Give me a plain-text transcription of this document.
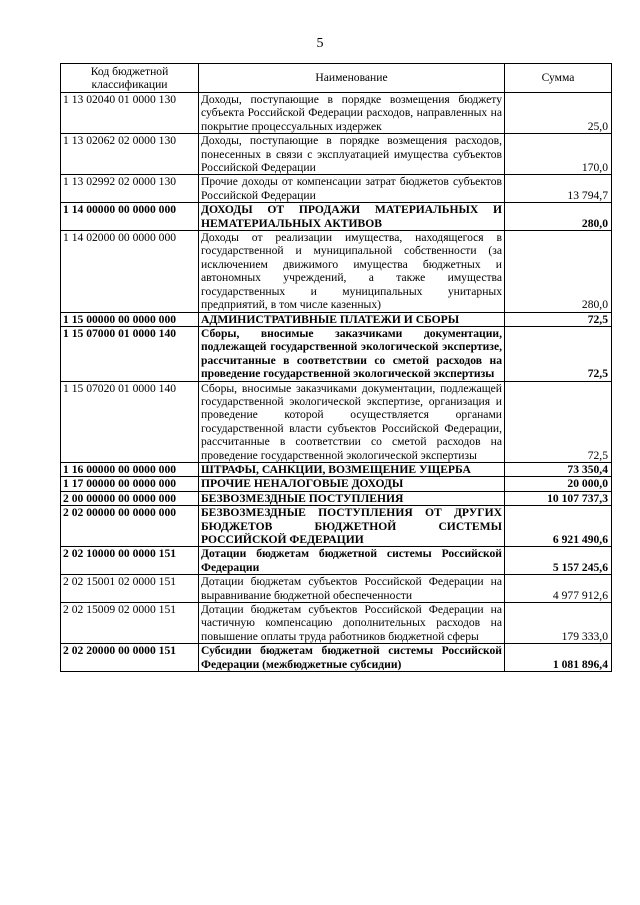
5
Код бюджетной классификации	Наименование	Сумма
1 13 02040 01 0000 130	Доходы, поступающие в порядке возмещения бюджету субъекта Российской Федерации расходов, направленных на покрытие процессуальных издержек	25,0
1 13 02062 02 0000 130	Доходы, поступающие в порядке возмещения расходов, понесенных в связи с эксплуатацией имущества субъектов Российской Федерации	170,0
1 13 02992 02 0000 130	Прочие доходы от компенсации затрат бюджетов субъектов Российской Федерации	13 794,7
1 14 00000 00 0000 000	ДОХОДЫ ОТ ПРОДАЖИ МАТЕРИАЛЬНЫХ И НЕМАТЕРИАЛЬНЫХ АКТИВОВ	280,0
1 14 02000 00 0000 000	Доходы от реализации имущества, находящегося в государственной и муниципальной собственности (за исключением движимого имущества бюджетных и автономных учреждений, а также имущества государственных и муниципальных унитарных предприятий, в том числе казенных)	280,0
1 15 00000 00 0000 000	АДМИНИСТРАТИВНЫЕ ПЛАТЕЖИ И СБОРЫ	72,5
1 15 07000 01 0000 140	Сборы, вносимые заказчиками документации, подлежащей государственной экологической экспертизе, рассчитанные в соответствии со сметой расходов на проведение государственной экологической экспертизы	72,5
1 15 07020 01 0000 140	Сборы, вносимые заказчиками документации, подлежащей государственной экологической экспертизе, организация и проведение которой осуществляется органами государственной власти субъектов Российской Федерации, рассчитанные в соответствии со сметой расходов на проведение государственной экологической экспертизы	72,5
1 16 00000 00 0000 000	ШТРАФЫ, САНКЦИИ, ВОЗМЕЩЕНИЕ УЩЕРБА	73 350,4
1 17 00000 00 0000 000	ПРОЧИЕ НЕНАЛОГОВЫЕ ДОХОДЫ	20 000,0
2 00 00000 00 0000 000	БЕЗВОЗМЕЗДНЫЕ ПОСТУПЛЕНИЯ	10 107 737,3
2 02 00000 00 0000 000	БЕЗВОЗМЕЗДНЫЕ ПОСТУПЛЕНИЯ ОТ ДРУГИХ БЮДЖЕТОВ БЮДЖЕТНОЙ СИСТЕМЫ РОССИЙСКОЙ ФЕДЕРАЦИИ	6 921 490,6
2 02 10000 00 0000 151	Дотации бюджетам бюджетной системы Российской Федерации	5 157 245,6
2 02 15001 02 0000 151	Дотации бюджетам субъектов Российской Федерации на выравнивание бюджетной обеспеченности	4 977 912,6
2 02 15009 02 0000 151	Дотации бюджетам субъектов Российской Федерации на частичную компенсацию дополнительных расходов на повышение оплаты труда работников бюджетной сферы	179 333,0
2 02 20000 00 0000 151	Субсидии бюджетам бюджетной системы Российской Федерации (межбюджетные субсидии)	1 081 896,4
